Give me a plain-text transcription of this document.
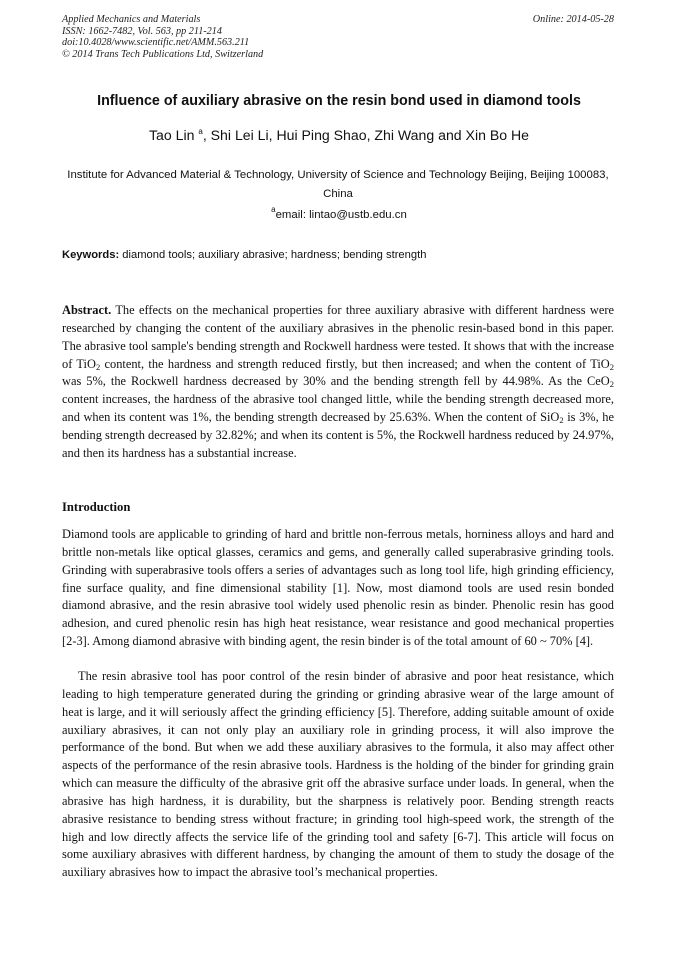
Applied Mechanics and Materials
ISSN: 1662-7482, Vol. 563, pp 211-214
doi:10.4028/www.scientific.net/AMM.563.211
© 2014 Trans Tech Publications Ltd, Switzerland
Online: 2014-05-28
Influence of auxiliary abrasive on the resin bond used in diamond tools
Tao Lin $^a$, Shi Lei Li, Hui Ping Shao, Zhi Wang and Xin Bo He
Institute for Advanced Material & Technology, University of Science and Technology Beijing, Beijing 100083, China
$^a$email: lintao@ustb.edu.cn
Keywords: diamond tools; auxiliary abrasive; hardness; bending strength
Abstract. The effects on the mechanical properties for three auxiliary abrasive with different hardness were researched by changing the content of the auxiliary abrasives in the phenolic resin-based bond in this paper. The abrasive tool sample's bending strength and Rockwell hardness were tested. It shows that with the increase of TiO$_2$ content, the hardness and strength reduced firstly, but then increased; and when the content of TiO$_2$ was 5%, the Rockwell hardness decreased by 30% and the bending strength fell by 44.98%. As the CeO$_2$ content increases, the hardness of the abrasive tool changed little, while the bending strength decreased more, and when its content was 1%, the bending strength decreased by 25.63%. When the content of SiO$_2$ is 3%, he bending strength decreased by 32.82%; and when its content is 5%, the Rockwell hardness reduced by 24.97%, and then its hardness has a substantial increase.
Introduction
Diamond tools are applicable to grinding of hard and brittle non-ferrous metals, horniness alloys and hard and brittle non-metals like optical glasses, ceramics and gems, and generally called superabrasive grinding tools. Grinding with superabrasive tools offers a series of advantages such as long tool life, high grinding efficiency, fine surface quality, and fine dimensional stability [1]. Now, most diamond tools are used resin bonded diamond abrasive, and the resin abrasive tool widely used phenolic resin as binder. Phenolic resin has good adhesion, and cured phenolic resin has high heat resistance, wear resistance and good mechanical properties [2-3]. Among diamond abrasive with binding agent, the resin binder is of the total amount of 60 ~ 70% [4].
The resin abrasive tool has poor control of the resin binder of abrasive and poor heat resistance, which leading to high temperature generated during the grinding or grinding abrasive wear of the large amount of heat is large, and it will seriously affect the grinding efficiency [5]. Therefore, adding suitable amount of oxide auxiliary abrasives, it can not only play an auxiliary role in grinding process, it will also improve the performance of the bond. But when we add these auxiliary abrasives to the formula, it also may affect other aspects of the performance of the resin abrasive tools. Hardness is the holding of the binder for grinding grain which can measure the difficulty of the abrasive grit off the abrasive surface under loads. In general, when the abrasive has high hardness, it is durability, but the sharpness is relatively poor. Bending strength reacts abrasive resistance to bending stress without fracture; in grinding tool high-speed work, the strength of the high and low directly affects the service life of the grinding tool and safety [6-7]. This article will focus on some auxiliary abrasives with different hardness, by changing the amount of them to study the dosage of the auxiliary abrasives how to impact the abrasive tool’s mechanical properties.
